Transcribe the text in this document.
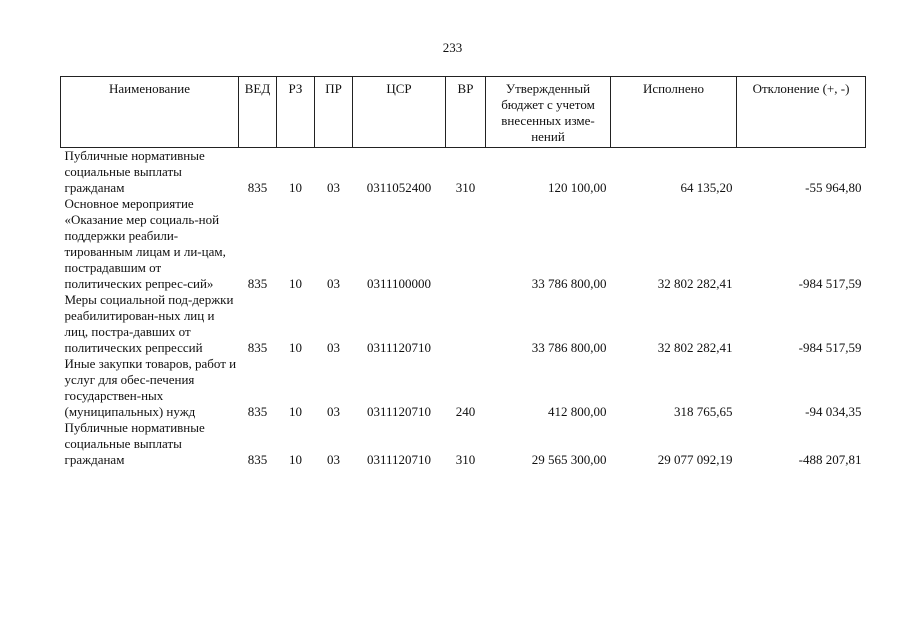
233
Наименование	ВЕД	РЗ	ПР	ЦСР	ВР	Утвержденный бюджет с учетом внесенных изме-нений	Исполнено	Отклонение (+, -)
Публичные нормативные социальные выплаты гражданам	835	10	03	0311052400	310	120 100,00	64 135,20	-55 964,80
Основное мероприятие «Оказание мер социаль-ной поддержки реабили-тированным лицам и ли-цам, пострадавшим от политических репрес-сий»	835	10	03	0311100000		33 786 800,00	32 802 282,41	-984 517,59
Меры социальной под-держки реабилитирован-ных лиц и лиц, постра-давших от политических репрессий	835	10	03	0311120710		33 786 800,00	32 802 282,41	-984 517,59
Иные закупки товаров, работ и услуг для обес-печения государствен-ных (муниципальных) нужд	835	10	03	0311120710	240	412 800,00	318 765,65	-94 034,35
Публичные нормативные социальные выплаты гражданам	835	10	03	0311120710	310	29 565 300,00	29 077 092,19	-488 207,81
